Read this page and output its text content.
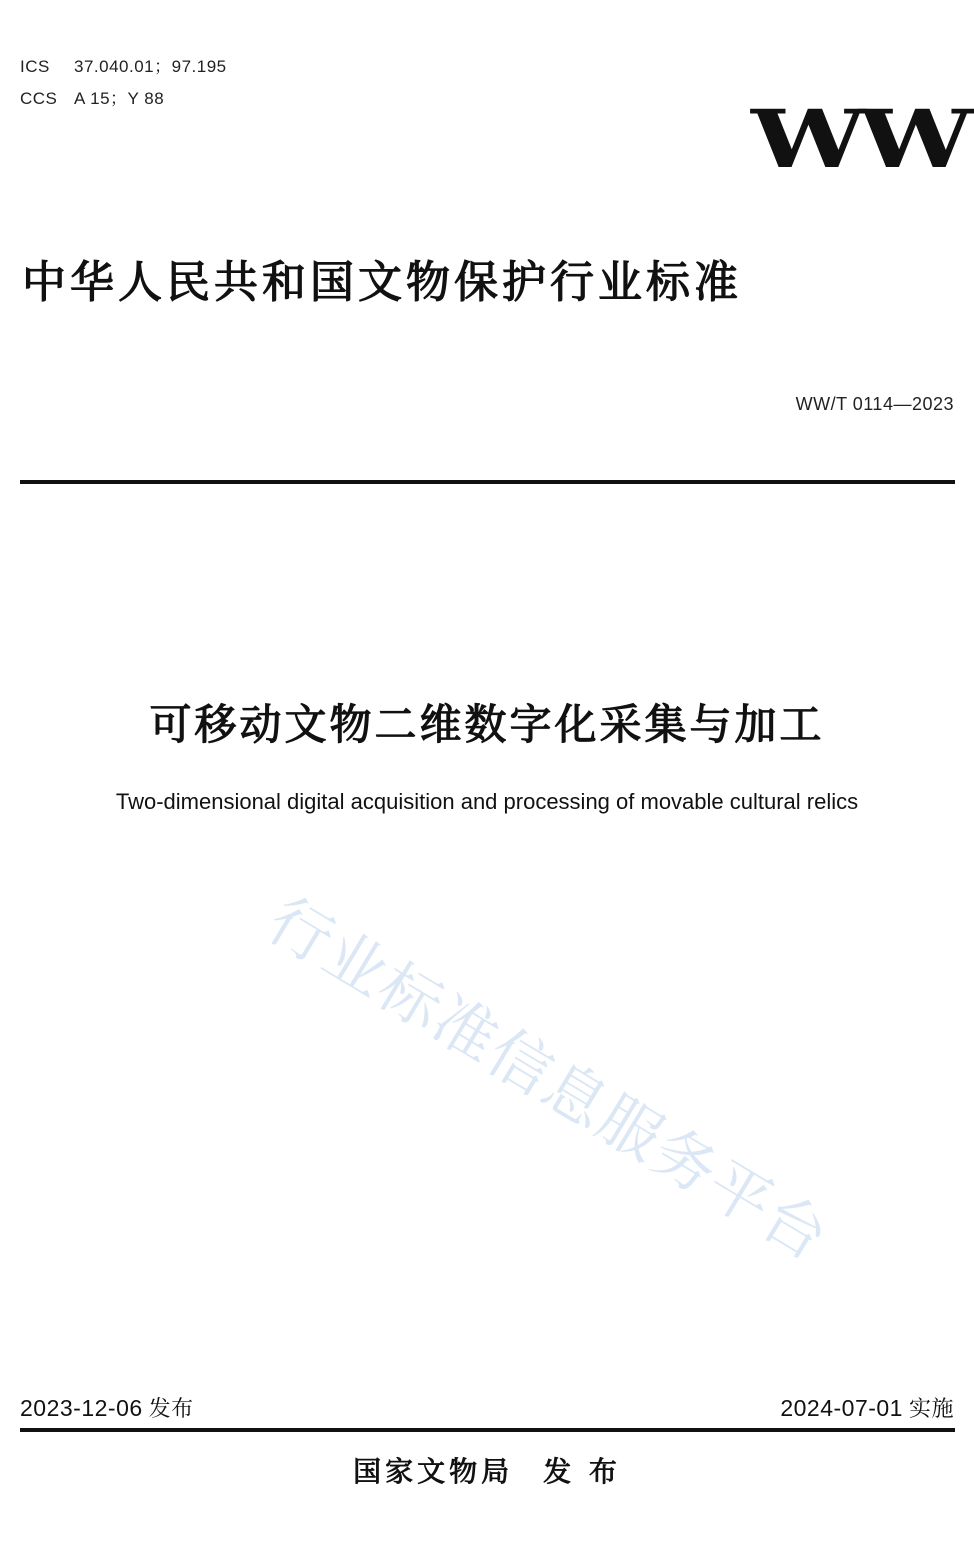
ICS 37.040.01；97.195
CCS A 15；Y 88	WW
中华人民共和国文物保护行业标准
WW/T 0114—2023
可移动文物二维数字化采集与加工
Two-dimensional digital acquisition and processing of movable cultural relics
行业标准信息服务平台
2023-12-06 发布	2024-07-01 实施
国家文物局 发 布
